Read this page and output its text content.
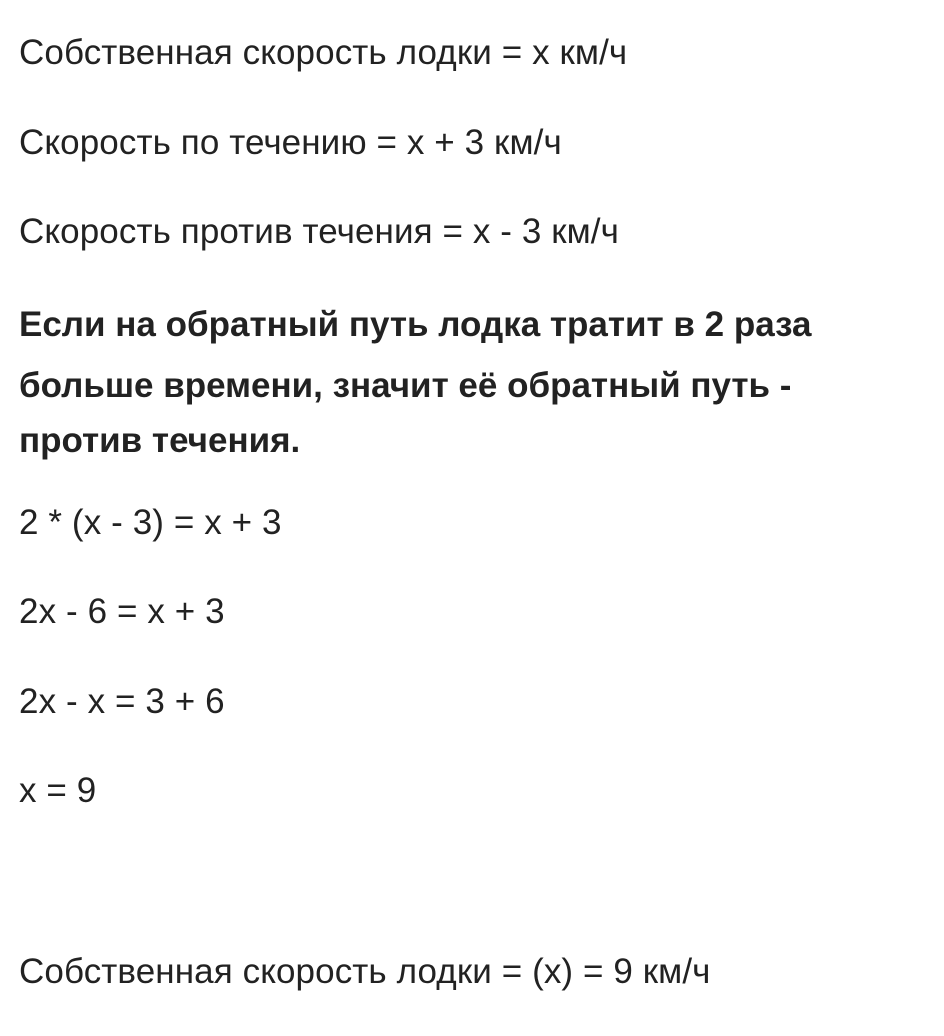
Собственная скорость лодки = x км/ч
Скорость по течению = x + 3 км/ч
Скорость против течения = x - 3 км/ч
Если на обратный путь лодка тратит в 2 раза
больше времени, значит её обратный путь -
против течения.
2 * (x - 3) = x + 3
2x - 6 = x + 3
2x - x = 3 + 6
x = 9
Собственная скорость лодки = (x) = 9 км/ч
